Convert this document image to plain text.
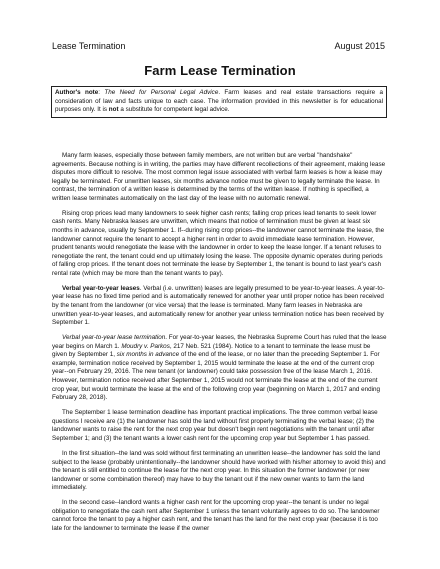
Lease Termination	August 2015
Farm Lease Termination
Author's note: The Need for Personal Legal Advice. Farm leases and real estate transactions require a consideration of law and facts unique to each case. The information provided in this newsletter is for educational purposes only. It is not a substitute for competent legal advice.

Many farm leases, especially those between family members, are not written but are verbal "handshake" agreements. Because nothing is in writing, the parties may have different recollections of their agreement, making lease disputes more difficult to resolve. The most common legal issue associated with verbal farm leases is how a lease may legally be terminated. For unwritten leases, six months advance notice must be given to legally terminate the lease. In contrast, the termination of a written lease is determined by the terms of the written lease. If nothing is specified, a written lease terminates automatically on the last day of the lease with no automatic renewal.

Rising crop prices lead many landowners to seek higher cash rents; falling crop prices lead tenants to seek lower cash rents. Many Nebraska leases are unwritten, which means that notice of termination must be given at least six months in advance, usually by September 1. If--during rising crop prices--the landowner cannot terminate the lease, the landowner cannot require the tenant to accept a higher rent in order to avoid immediate lease termination. However, prudent tenants would renegotiate the lease with the landowner in order to keep the lease longer. If a tenant refuses to renegotiate the rent, the tenant could end up ultimately losing the lease. The opposite dynamic operates during periods of falling crop prices. If the tenant does not terminate the lease by September 1, the tenant is bound to last year's cash rental rate (which may be more than the tenant wants to pay).

Verbal year-to-year leases. Verbal (i.e. unwritten) leases are legally presumed to be year-to-year leases. A year-to-year lease has no fixed time period and is automatically renewed for another year until proper notice has been received by the tenant from the landowner (or vice versa) that the lease is terminated. Many farm leases in Nebraska are unwritten year-to-year leases, and automatically renew for another year unless termination notice has been received by September 1.

Verbal year-to-year lease termination. For year-to-year leases, the Nebraska Supreme Court has ruled that the lease year begins on March 1. Moudry v. Parkos, 217 Neb. 521 (1984). Notice to a tenant to terminate the lease must be given by September 1, six months in advance of the end of the lease, or no later than the preceding September 1. For example, termination notice received by September 1, 2015 would terminate the lease at the end of the current crop year--on February 29, 2016. The new tenant (or landowner) could take possession free of the lease March 1, 2016. However, termination notice received after September 1, 2015 would not terminate the lease at the end of the current crop year, but would terminate the lease at the end of the following crop year (beginning on March 1, 2017 and ending February 28, 2018).

The September 1 lease termination deadline has important practical implications. The three common verbal lease questions I receive are (1) the landowner has sold the land without first properly terminating the verbal lease; (2) the landowner wants to raise the rent for the next crop year but doesn't begin rent negotiations with the tenant until after September 1; and (3) the tenant wants a lower cash rent for the upcoming crop year but September 1 has passed.

In the first situation--the land was sold without first terminating an unwritten lease--the landowner has sold the land subject to the lease (probably unintentionally--the landowner should have worked with his/her attorney to avoid this) and the tenant is still entitled to continue the lease for the next crop year. In this situation the former landowner (or new landowner or some combination thereof) may have to buy the tenant out if the new owner wants to farm the land immediately.

In the second case--landlord wants a higher cash rent for the upcoming crop year--the tenant is under no legal obligation to renegotiate the cash rent after September 1 unless the tenant voluntarily agrees to do so. The landowner cannot force the tenant to pay a higher cash rent, and the tenant has the land for the next crop year (because it is too late for the landowner to terminate the lease if the owner
